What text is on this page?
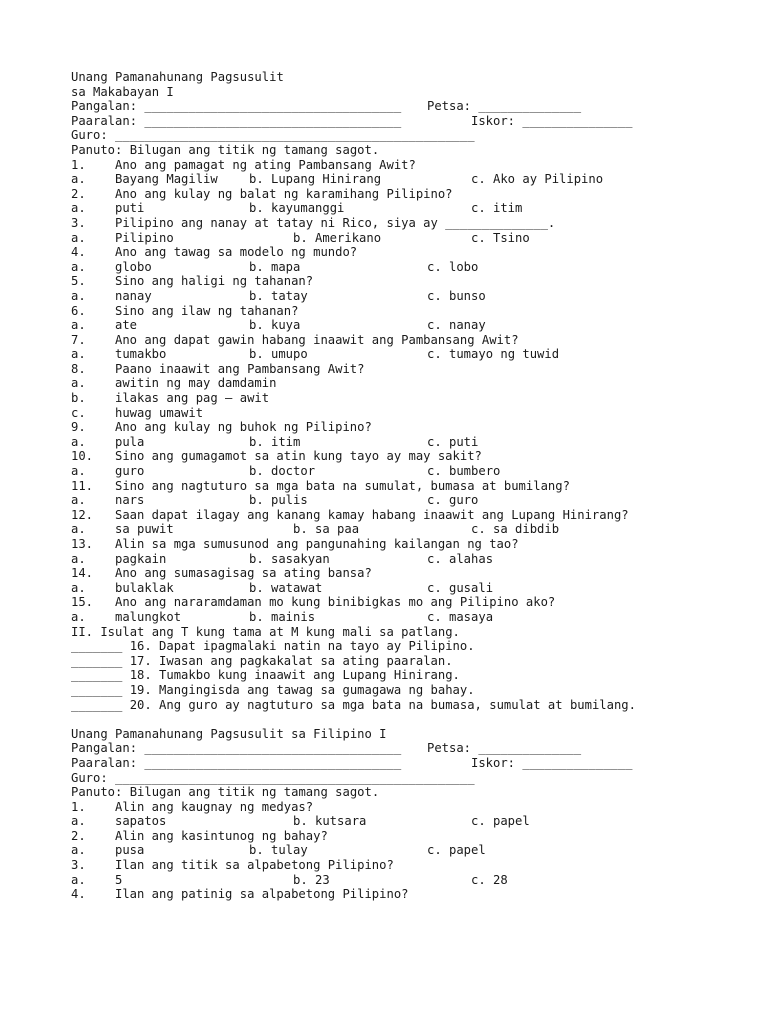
Unang Pamanahunang Pagsusulit
sa Makabayan I

Pangalan: ___________________________________

Petsa: ______________

Paaralan: ___________________________________

	Iskor: _______________

Guro: _________________________________________________

Panuto: Bilugan ang titik ng tamang sagot.
1. Ano ang pamagat ng ating Pambansang Awit?
a. Bayang Magiliw	b. Lupang Hinirang	c. Ako ay Pilipino
2. Ano ang kulay ng balat ng karamihang Pilipino?
a. puti	b. kayumanggi	c. itim
3. Pilipino ang nanay at tatay ni Rico, siya ay ______________.
a. Pilipino	b. Amerikano	c. Tsino
4. Ano ang tawag sa modelo ng mundo?
a. globo	b. mapa	c. lobo
5. Sino ang haligi ng tahanan?
a. nanay	b. tatay	c. bunso
6. Sino ang ilaw ng tahanan?
a. ate	b. kuya	c. nanay
7. Ano ang dapat gawin habang inaawit ang Pambansang Awit?
a. tumakbo	b. umupo	c. tumayo ng tuwid
8. Paano inaawit ang Pambansang Awit?
a. awitin ng may damdamin
b. ilakas ang pag – awit
c. huwag umawit
9. Ano ang kulay ng buhok ng Pilipino?
a. pula	b. itim	c. puti
10. Sino ang gumagamot sa atin kung tayo ay may sakit?
a. guro	b. doctor	c. bumbero
11. Sino ang nagtuturo sa mga bata na sumulat, bumasa at bumilang?
a. nars	b. pulis	c. guro
12. Saan dapat ilagay ang kanang kamay habang inaawit ang Lupang Hinirang?
a. sa puwit	b. sa paa	c. sa dibdib
13. Alin sa mga sumusunod ang pangunahing kailangan ng tao?
a. pagkain	b. sasakyan	c. alahas
14. Ano ang sumasagisag sa ating bansa?
a. bulaklak	b. watawat	c. gusali
15. Ano ang nararamdaman mo kung binibigkas mo ang Pilipino ako?
a. malungkot	b. mainis	c. masaya
II. Isulat ang T kung tama at M kung mali sa patlang.
_______ 16. Dapat ipagmalaki natin na tayo ay Pilipino.
_______ 17. Iwasan ang pagkakalat sa ating paaralan.
_______ 18. Tumakbo kung inaawit ang Lupang Hinirang.
_______ 19. Mangingisda ang tawag sa gumagawa ng bahay.
_______ 20. Ang guro ay nagtuturo sa mga bata na bumasa, sumulat at bumilang.
Unang Pamanahunang Pagsusulit sa Filipino I

Pangalan: ___________________________________

Petsa: ______________

Paaralan: ___________________________________

	Iskor: _______________

Guro: _________________________________________________

Panuto: Bilugan ang titik ng tamang sagot.
1. Alin ang kaugnay ng medyas?
a. sapatos	b. kutsara	c. papel
2. Alin ang kasintunog ng bahay?
a. pusa	b. tulay	c. papel
3. Ilan ang titik sa alpabetong Pilipino?
a. 5	b. 23	c. 28
4. Ilan ang patinig sa alpabetong Pilipino?
